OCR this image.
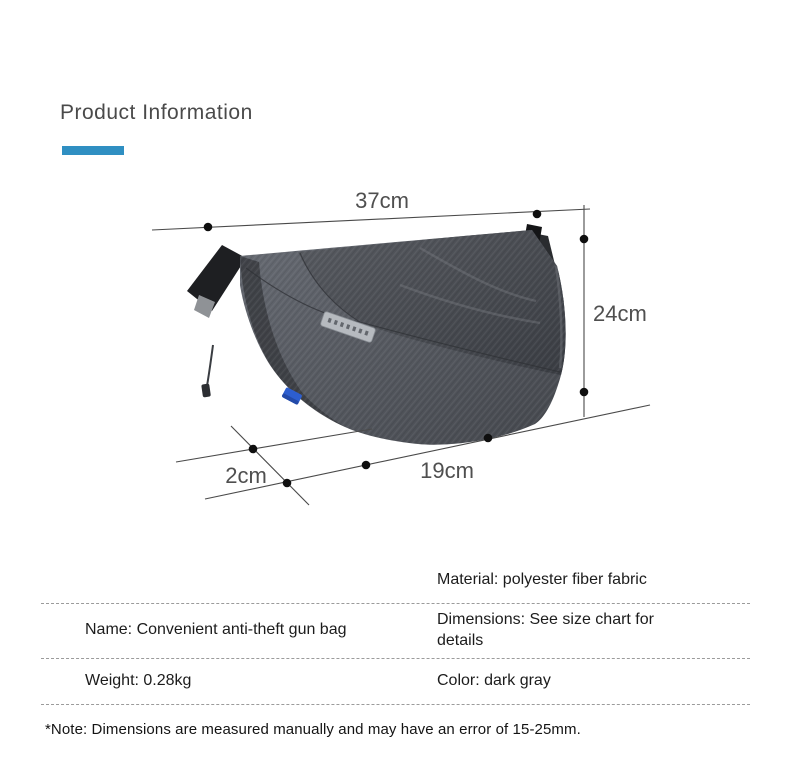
Product Information
37cm
24cm
19cm
2cm
Material: polyester fiber fabric
Name: Convenient anti-theft gun bag
Dimensions: See size chart for details
Weight: 0.28kg	Color: dark gray
*Note: Dimensions are measured manually and may have an error of 15-25mm.
